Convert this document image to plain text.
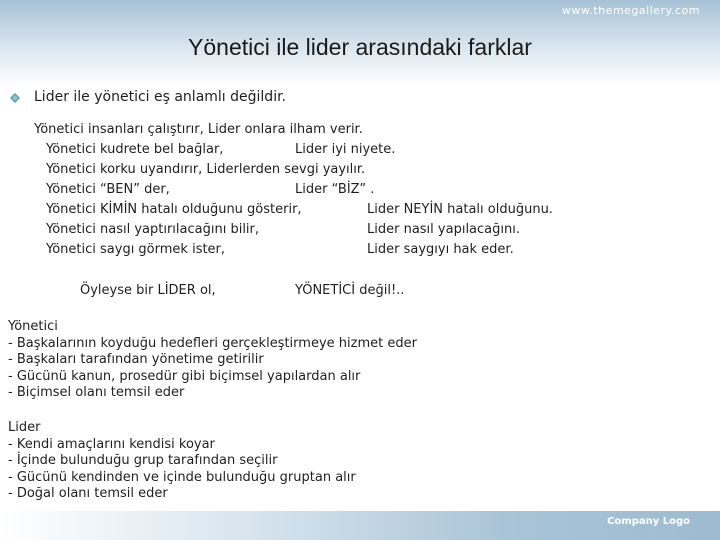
www.themegallery.com
Yönetici ile lider arasındaki farklar
Lider ile yönetici eş anlamlı değildir.
Yönetici insanları çalıştırır, Lider onlara ilham verir.
Yönetici kudrete bel bağlar,	Lider iyi niyete.
Yönetici korku uyandırır, Liderlerden sevgi yayılır.
Yönetici “BEN” der,	Lider “BİZ” .
Yönetici KİMİN hatalı olduğunu gösterir,	Lider NEYİN hatalı olduğunu.
Yönetici nasıl yaptırılacağını bilir,	Lider nasıl yapılacağını.
Yönetici saygı görmek ister,	Lider saygıyı hak eder.
Öyleyse bir LİDER ol,	YÖNETİCİ değil!..
Yönetici
- Başkalarının koyduğu hedefleri gerçekleştirmeye hizmet eder
- Başkaları tarafından yönetime getirilir
- Gücünü kanun, prosedür gibi biçimsel yapılardan alır
- Biçimsel olanı temsil eder
Lider
- Kendi amaçlarını kendisi koyar
- İçinde bulunduğu grup tarafından seçilir
- Gücünü kendinden ve içinde bulunduğu gruptan alır
- Doğal olanı temsil eder
Company Logo
